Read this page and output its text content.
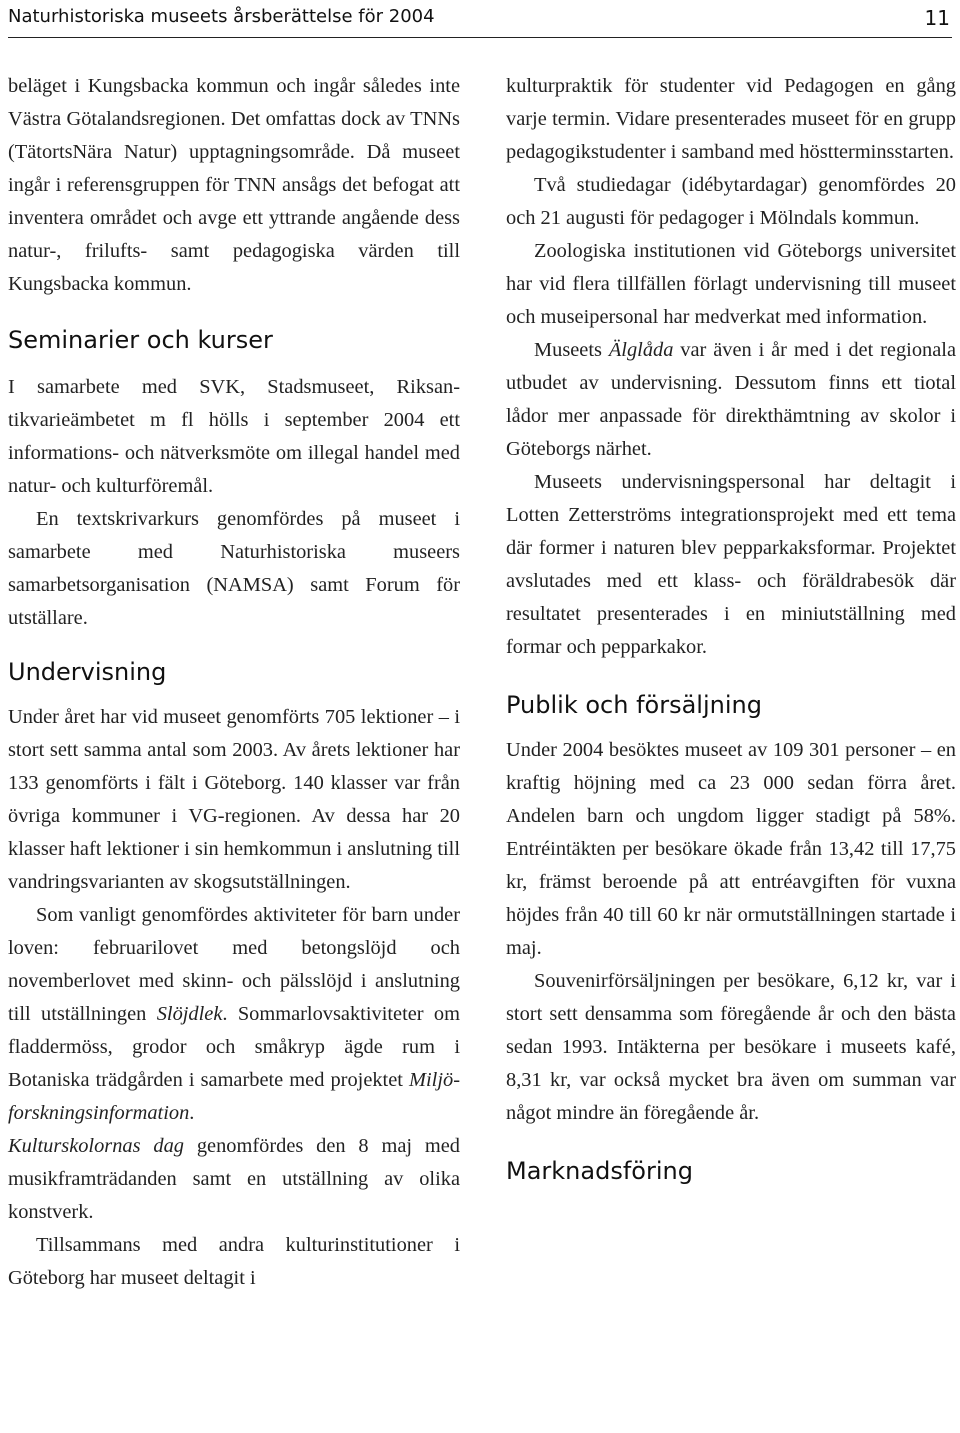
Naturhistoriska museets årsberättelse för 2004	11

beläget i Kungsbacka kommun och ingår således inte Västra Götalandsregionen. Det omfattas dock av TNNs (TätortsNära Natur) upptagningsområde. Då museet ingår i referensgruppen för TNN ansågs det befogat att inventera området och avge ett yttrande angående dess natur-, frilufts- samt pedagogiska värden till Kungsbacka kommun.

Seminarier och kurser

I samarbete med SVK, Stadsmuseet, Riksantikvarieämbetet m fl hölls i september 2004 ett informations- och nätverksmöte om illegal handel med natur- och kulturföremål.

En textskrivarkurs genomfördes på museet i samarbete med Naturhistoriska museers samarbetsorganisation (NAMSA) samt Forum för utställare.

Undervisning

Under året har vid museet genomförts 705 lektioner – i stort sett samma antal som 2003. Av årets lektioner har 133 genomförts i fält i Göteborg. 140 klasser var från övriga kommuner i VG-regionen. Av dessa har 20 klasser haft lektioner i sin hemkommun i anslutning till vandringsvarianten av skogsutställningen.

Som vanligt genomfördes aktiviteter för barn under loven: februarilovet med betongslöjd och novemberlovet med skinn- och pälsslöjd i anslutning till utställningen Slöjdlek. Sommarlovsaktiviteter om fladdermöss, grodor och småkryp ägde rum i Botaniska trädgården i samarbete med projektet Miljöforskningsinformation.

Kulturskolornas dag genomfördes den 8 maj med musikframträdanden samt en utställning av olika konstverk.

Tillsammans med andra kulturinstitutioner i Göteborg har museet deltagit i

kulturpraktik för studenter vid Pedagogen en gång varje termin. Vidare presenterades museet för en grupp pedagogikstudenter i samband med höstterminsstarten.

Två studiedagar (idébytardagar) genomfördes 20 och 21 augusti för pedagoger i Mölndals kommun.

Zoologiska institutionen vid Göteborgs universitet har vid flera tillfällen förlagt undervisning till museet och museipersonal har medverkat med information.

Museets Älglåda var även i år med i det regionala utbudet av undervisning. Dessutom finns ett tiotal lådor mer anpassade för direkthämtning av skolor i Göteborgs närhet.

Museets undervisningspersonal har deltagit i Lotten Zetterströms integrationsprojekt med ett tema där former i naturen blev pepparkaksformar. Projektet avslutades med ett klass- och föräldrabesök där resultatet presenterades i en miniutställning med formar och pepparkakor.

Publik och försäljning

Under 2004 besöktes museet av 109 301 personer – en kraftig höjning med ca 23 000 sedan förra året. Andelen barn och ungdom ligger stadigt på 58%. Entréintäkten per besökare ökade från 13,42 till 17,75 kr, främst beroende på att entréavgiften för vuxna höjdes från 40 till 60 kr när ormutställningen startade i maj.

Souvenirförsäljningen per besökare, 6,12 kr, var i stort sett densamma som föregående år och den bästa sedan 1993. Intäkterna per besökare i museets kafé, 8,31 kr, var också mycket bra även om summan var något mindre än föregående år.

Marknadsföring
